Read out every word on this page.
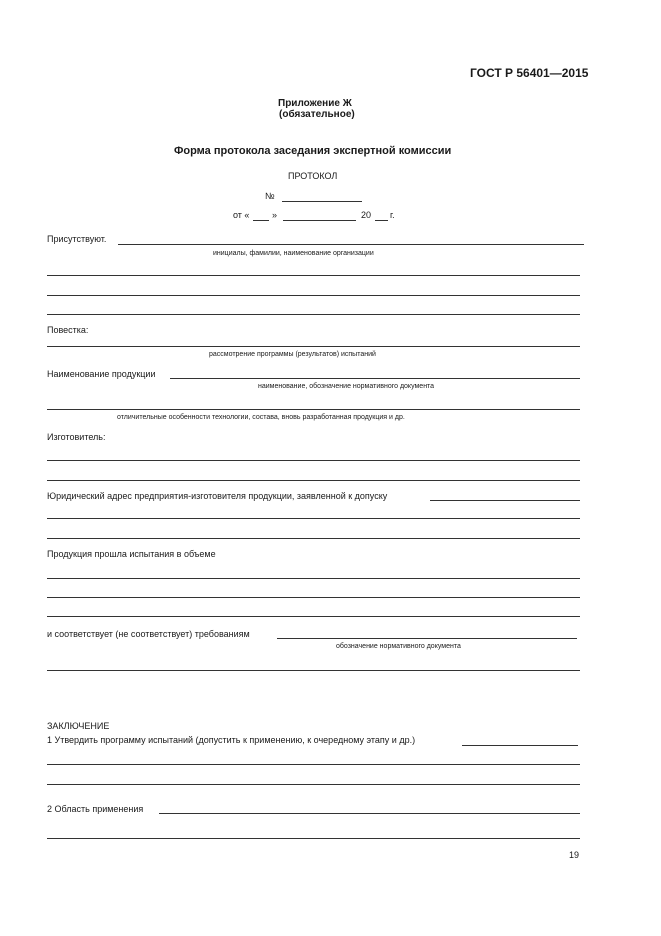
ГОСТ Р 56401—2015
Приложение Ж
(обязательное)
Форма протокола заседания экспертной комиссии
ПРОТОКОЛ
№
от «	»	20 г.
Присутствуют.
инициалы, фамилии, наименование организации
Повестка:
рассмотрение программы (результатов) испытаний
Наименование продукции
наименование, обозначение нормативного документа
отличительные особенности технологии, состава, вновь разработанная продукция и др.
Изготовитель:
Юридический адрес предприятия-изготовителя продукции, заявленной к допуску
Продукция прошла испытания в объеме
и соответствует (не соответствует) требованиям
обозначение нормативного документа
ЗАКЛЮЧЕНИЕ
1 Утвердить программу испытаний (допустить к применению, к очередному этапу и др.)
2 Область применения
19
